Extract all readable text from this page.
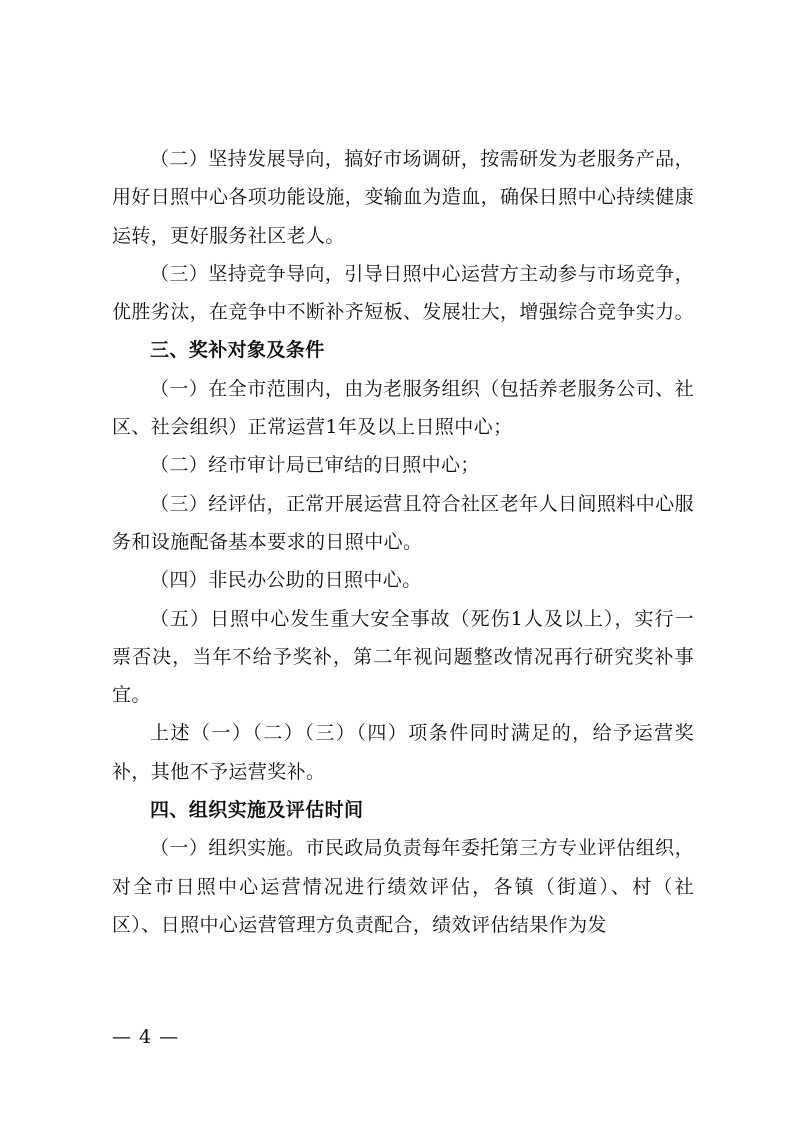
（二）坚持发展导向，搞好市场调研，按需研发为老服务产品，用好日照中心各项功能设施，变输血为造血，确保日照中心持续健康运转，更好服务社区老人。

（三）坚持竞争导向，引导日照中心运营方主动参与市场竞争，优胜劣汰，在竞争中不断补齐短板、发展壮大，增强综合竞争实力。

三、奖补对象及条件

（一）在全市范围内，由为老服务组织（包括养老服务公司、社区、社会组织）正常运营1年及以上日照中心；

（二）经市审计局已审结的日照中心；

（三）经评估，正常开展运营且符合社区老年人日间照料中心服务和设施配备基本要求的日照中心。

（四）非民办公助的日照中心。

（五）日照中心发生重大安全事故（死伤1人及以上），实行一票否决，当年不给予奖补，第二年视问题整改情况再行研究奖补事宜。

上述（一）（二）（三）（四）项条件同时满足的，给予运营奖补，其他不予运营奖补。

四、组织实施及评估时间

（一）组织实施。市民政局负责每年委托第三方专业评估组织，对全市日照中心运营情况进行绩效评估，各镇（街道）、村（社区）、日照中心运营管理方负责配合，绩效评估结果作为发

— 4 —
